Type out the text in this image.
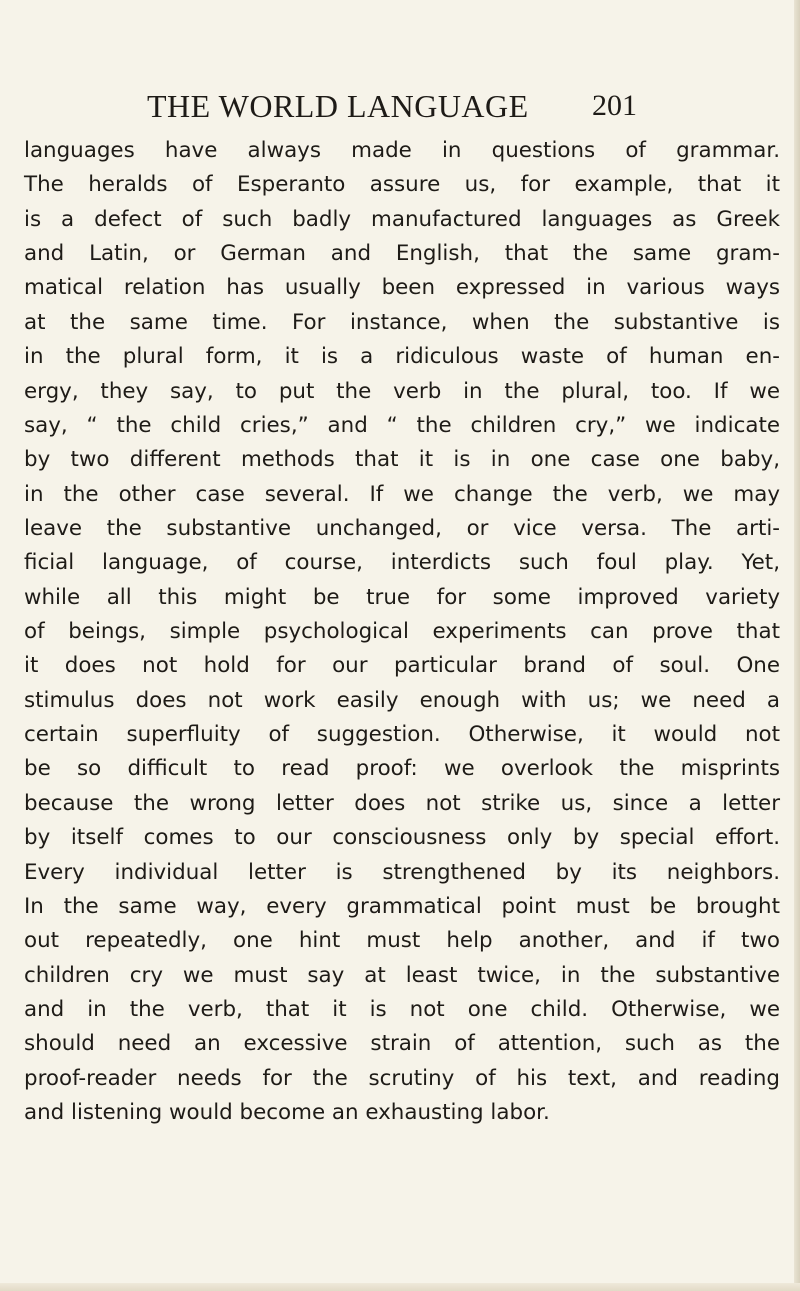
THE WORLD LANGUAGE 201
languages have always made in questions of grammar.
The heralds of Esperanto assure us, for example, that it
is a defect of such badly manufactured languages as Greek
and Latin, or German and English, that the same gram-
matical relation has usually been expressed in various ways
at the same time. For instance, when the substantive is
in the plural form, it is a ridiculous waste of human en-
ergy, they say, to put the verb in the plural, too. If we
say, “ the child cries,” and “ the children cry,” we indicate
by two different methods that it is in one case one baby,
in the other case several. If we change the verb, we may
leave the substantive unchanged, or vice versa. The arti-
ficial language, of course, interdicts such foul play. Yet,
while all this might be true for some improved variety
of beings, simple psychological experiments can prove that
it does not hold for our particular brand of soul. One
stimulus does not work easily enough with us; we need a
certain superfluity of suggestion. Otherwise, it would not
be so difficult to read proof: we overlook the misprints
because the wrong letter does not strike us, since a letter
by itself comes to our consciousness only by special effort.
Every individual letter is strengthened by its neighbors.
In the same way, every grammatical point must be brought
out repeatedly, one hint must help another, and if two
children cry we must say at least twice, in the substantive
and in the verb, that it is not one child. Otherwise, we
should need an excessive strain of attention, such as the
proof-reader needs for the scrutiny of his text, and reading
and listening would become an exhausting labor.
